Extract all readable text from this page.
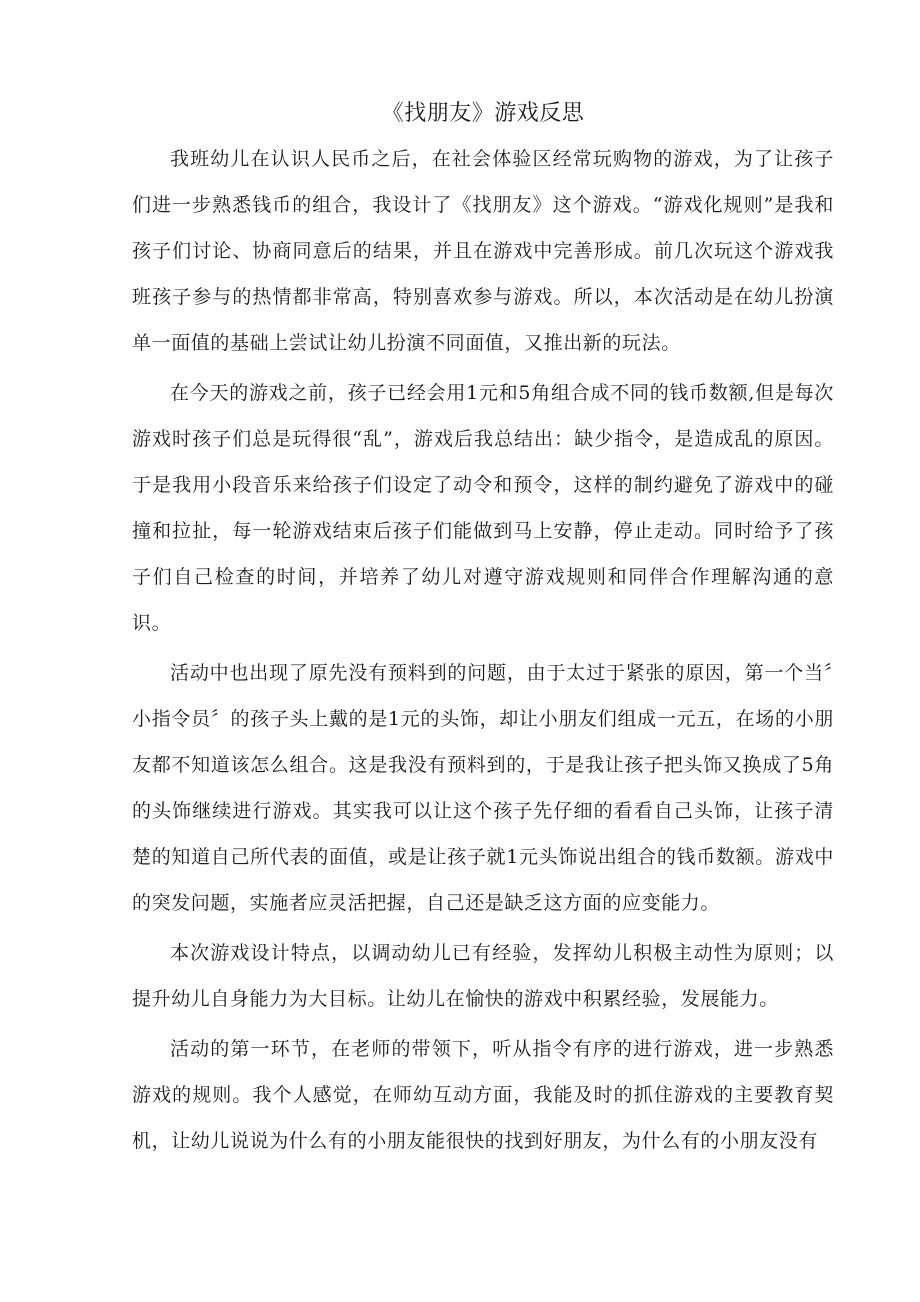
《找朋友》游戏反思

我班幼儿在认识人民币之后，在社会体验区经常玩购物的游戏，为了让孩子们进一步熟悉钱币的组合，我设计了《找朋友》这个游戏。“游戏化规则”是我和孩子们讨论、协商同意后的结果，并且在游戏中完善形成。前几次玩这个游戏我班孩子参与的热情都非常高，特别喜欢参与游戏。所以，本次活动是在幼儿扮演单一面值的基础上尝试让幼儿扮演不同面值，又推出新的玩法。

在今天的游戏之前，孩子已经会用1元和5角组合成不同的钱币数额,但是每次游戏时孩子们总是玩得很“乱”，游戏后我总结出：缺少指令，是造成乱的原因。于是我用小段音乐来给孩子们设定了动令和预令，这样的制约避免了游戏中的碰撞和拉扯，每一轮游戏结束后孩子们能做到马上安静，停止走动。同时给予了孩子们自己检查的时间，并培养了幼儿对遵守游戏规则和同伴合作理解沟通的意识。

活动中也出现了原先没有预料到的问题，由于太过于紧张的原因，第一个当〞小指令员〞的孩子头上戴的是1元的头饰，却让小朋友们组成一元五，在场的小朋友都不知道该怎么组合。这是我没有预料到的，于是我让孩子把头饰又换成了5角的头饰继续进行游戏。其实我可以让这个孩子先仔细的看看自己头饰，让孩子清楚的知道自己所代表的面值，或是让孩子就1元头饰说出组合的钱币数额。游戏中的突发问题，实施者应灵活把握，自己还是缺乏这方面的应变能力。

本次游戏设计特点，以调动幼儿已有经验，发挥幼儿积极主动性为原则；以提升幼儿自身能力为大目标。让幼儿在愉快的游戏中积累经验，发展能力。

活动的第一环节，在老师的带领下，听从指令有序的进行游戏，进一步熟悉游戏的规则。我个人感觉，在师幼互动方面，我能及时的抓住游戏的主要教育契机，让幼儿说说为什么有的小朋友能很快的找到好朋友，为什么有的小朋友没有
